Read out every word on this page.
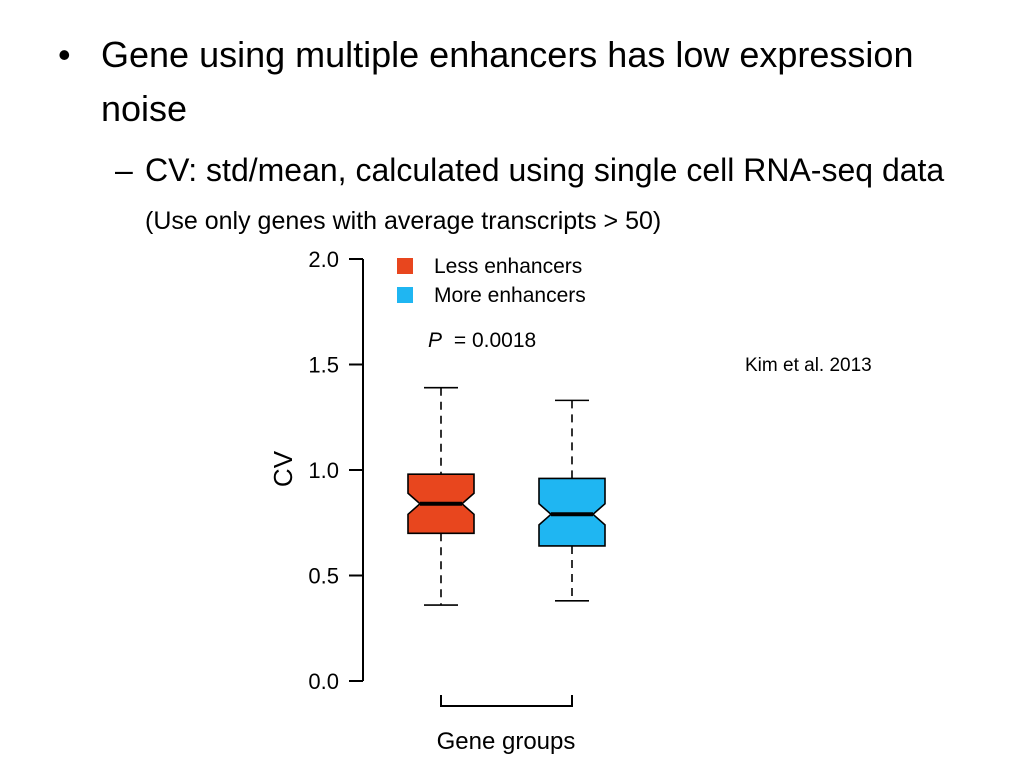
• Gene using multiple enhancers has low expression noise
– CV: std/mean, calculated using single cell RNA-seq data (Use only genes with average transcripts > 50)
Kim et al. 2013
0.0
0.5
1.0
1.5
2.0	Less enhancers
More enhancers
P = 0.0018
CV
Gene groups
